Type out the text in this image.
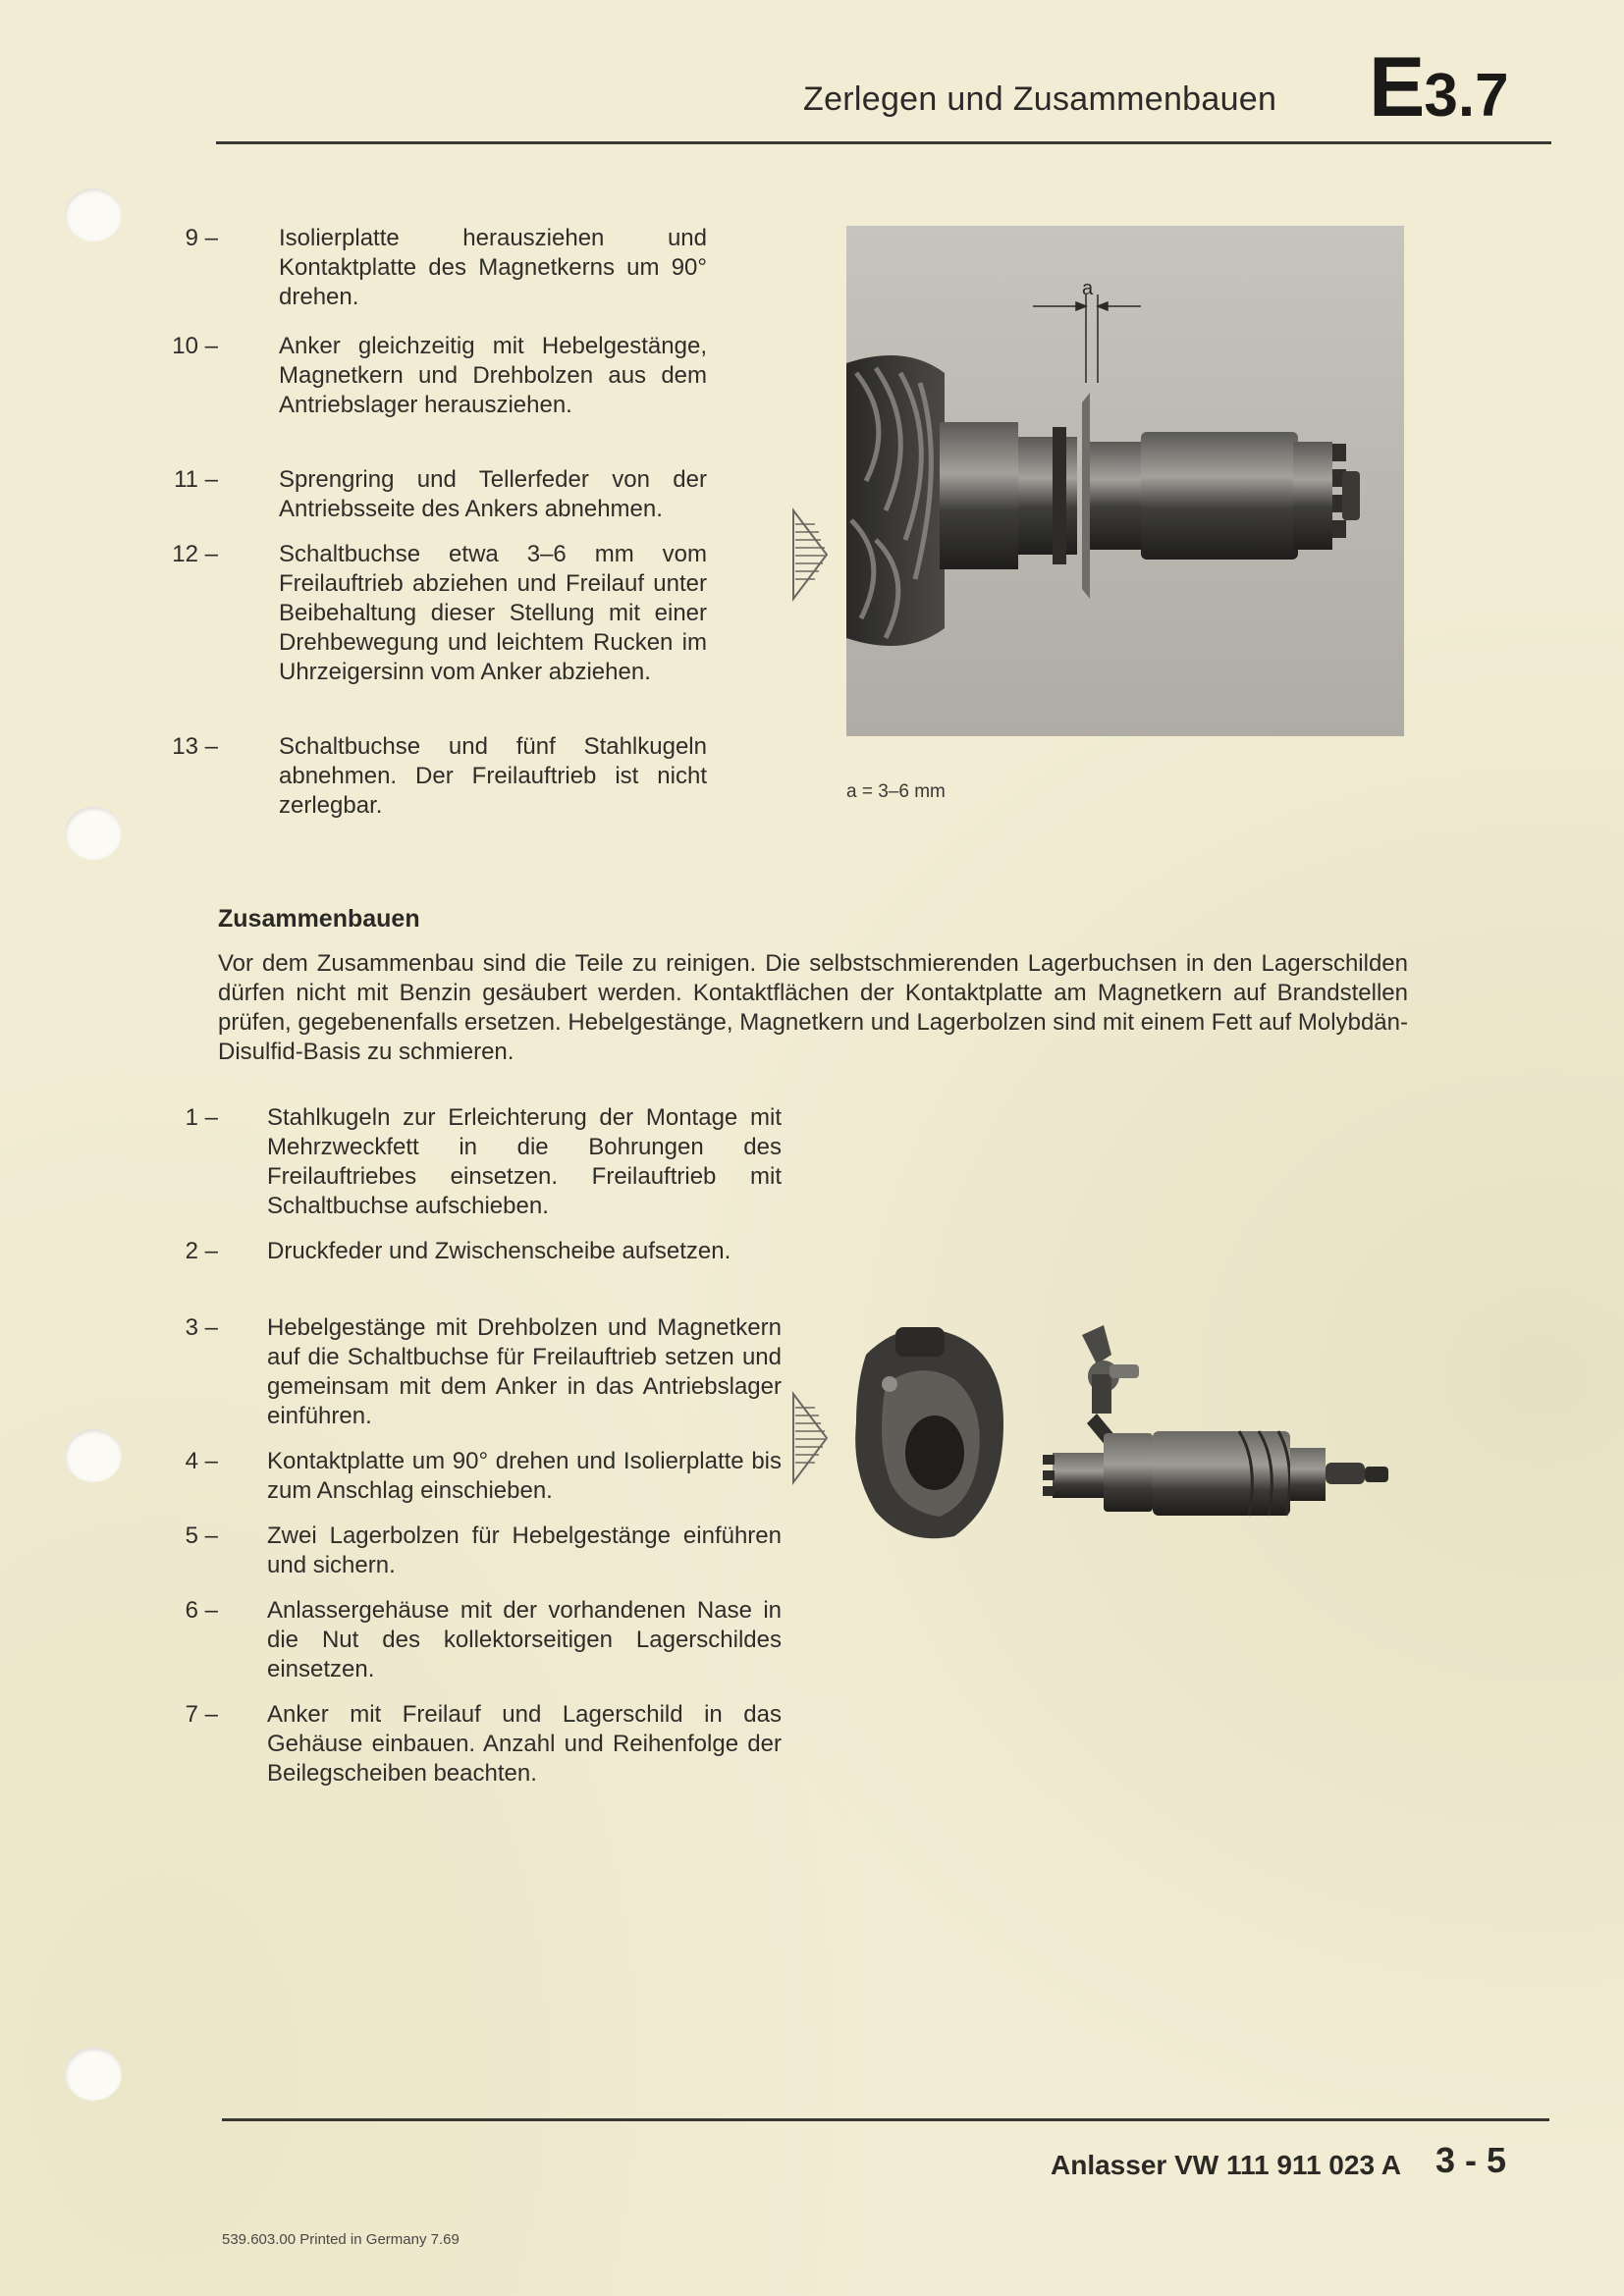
Zerlegen und Zusammenbauen E3.7
9 –	Isolierplatte herausziehen und Kontaktplatte des Magnetkerns um 90° drehen.
10 –	Anker gleichzeitig mit Hebelgestänge, Magnetkern und Drehbolzen aus dem Antriebslager herausziehen.
11 –	Sprengring und Tellerfeder von der Antriebsseite des Ankers abnehmen.
12 –	Schaltbuchse etwa 3–6 mm vom Freilauftrieb abziehen und Freilauf unter Beibehaltung dieser Stellung mit einer Drehbewegung und leichtem Rucken im Uhrzeigersinn vom Anker abziehen.
13 –	Schaltbuchse und fünf Stahlkugeln abnehmen. Der Freilauftrieb ist nicht zerlegbar.
a
a = 3–6 mm
Zusammenbauen
Vor dem Zusammenbau sind die Teile zu reinigen. Die selbstschmierenden Lagerbuchsen in den Lagerschilden dürfen nicht mit Benzin gesäubert werden. Kontaktflächen der Kontaktplatte am Magnetkern auf Brandstellen prüfen, gegebenenfalls ersetzen. Hebelgestänge, Magnetkern und Lagerbolzen sind mit einem Fett auf Molybdän-Disulfid-Basis zu schmieren.
1 – Stahlkugeln zur Erleichterung der Montage mit Mehrzweckfett in die Bohrungen des Freilauftriebes einsetzen. Freilauftrieb mit Schaltbuchse aufschieben.
2 – Druckfeder und Zwischenscheibe aufsetzen.
3 – Hebelgestänge mit Drehbolzen und Magnetkern auf die Schaltbuchse für Freilauftrieb setzen und gemeinsam mit dem Anker in das Antriebslager einführen.
4 – Kontaktplatte um 90° drehen und Isolierplatte bis zum Anschlag einschieben.
5 – Zwei Lagerbolzen für Hebelgestänge einführen und sichern.
6 – Anlassergehäuse mit der vorhandenen Nase in die Nut des kollektorseitigen Lagerschildes einsetzen.
7 – Anker mit Freilauf und Lagerschild in das Gehäuse einbauen. Anzahl und Reihenfolge der Beilegscheiben beachten.
Anlasser VW 111 911 023 A 3 - 5
539.603.00 Printed in Germany 7.69
